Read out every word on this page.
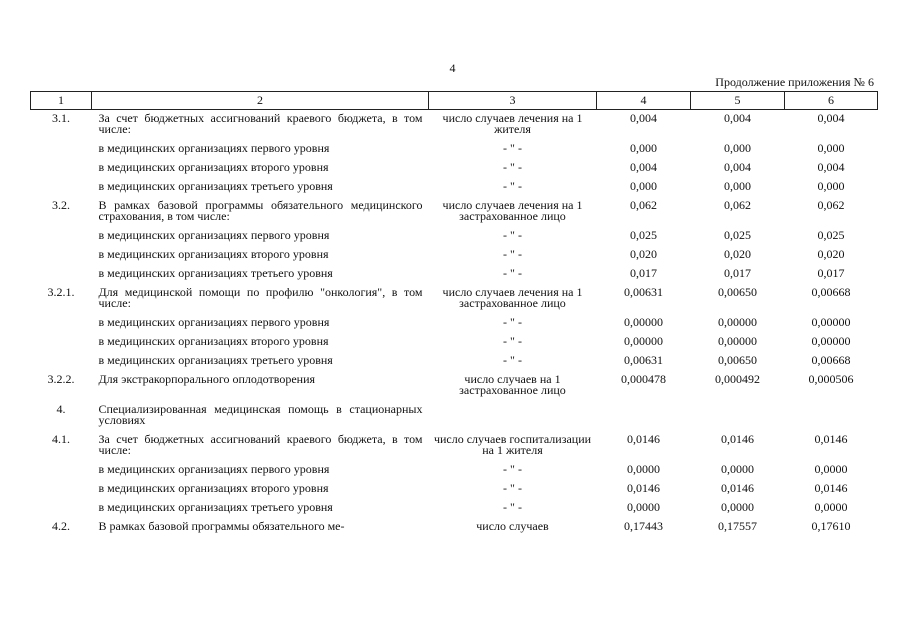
4
Продолжение приложения № 6
1	2	3	4	5	6
3.1.	За счет бюджетных ассигнований краевого бюджета, в том числе:	число случаев лечения на 1 жителя	0,004	0,004	0,004
	в медицинских организациях первого уровня	- " -	0,000	0,000	0,000
	в медицинских организациях второго уровня	- " -	0,004	0,004	0,004
	в медицинских организациях третьего уровня	- " -	0,000	0,000	0,000
3.2.	В рамках базовой программы обязательного медицинского страхования, в том числе:	число случаев лечения на 1 застрахованное лицо	0,062	0,062	0,062
	в медицинских организациях первого уровня	- " -	0,025	0,025	0,025
	в медицинских организациях второго уровня	- " -	0,020	0,020	0,020
	в медицинских организациях третьего уровня	- " -	0,017	0,017	0,017
3.2.1.	Для медицинской помощи по профилю "онкология", в том числе:	число случаев лечения на 1 застрахованное лицо	0,00631	0,00650	0,00668
	в медицинских организациях первого уровня	- " -	0,00000	0,00000	0,00000
	в медицинских организациях второго уровня	- " -	0,00000	0,00000	0,00000
	в медицинских организациях третьего уровня	- " -	0,00631	0,00650	0,00668
3.2.2.	Для экстракорпорального оплодотворения	число случаев на 1 застрахованное лицо	0,000478	0,000492	0,000506
4.	Специализированная медицинская помощь в стационарных условиях				
4.1.	За счет бюджетных ассигнований краевого бюджета, в том числе:	число случаев госпитализации на 1 жителя	0,0146	0,0146	0,0146
	в медицинских организациях первого уровня	- " -	0,0000	0,0000	0,0000
	в медицинских организациях второго уровня	- " -	0,0146	0,0146	0,0146
	в медицинских организациях третьего уровня	- " -	0,0000	0,0000	0,0000
4.2.	В рамках базовой программы обязательного ме-	число случаев	0,17443	0,17557	0,17610
